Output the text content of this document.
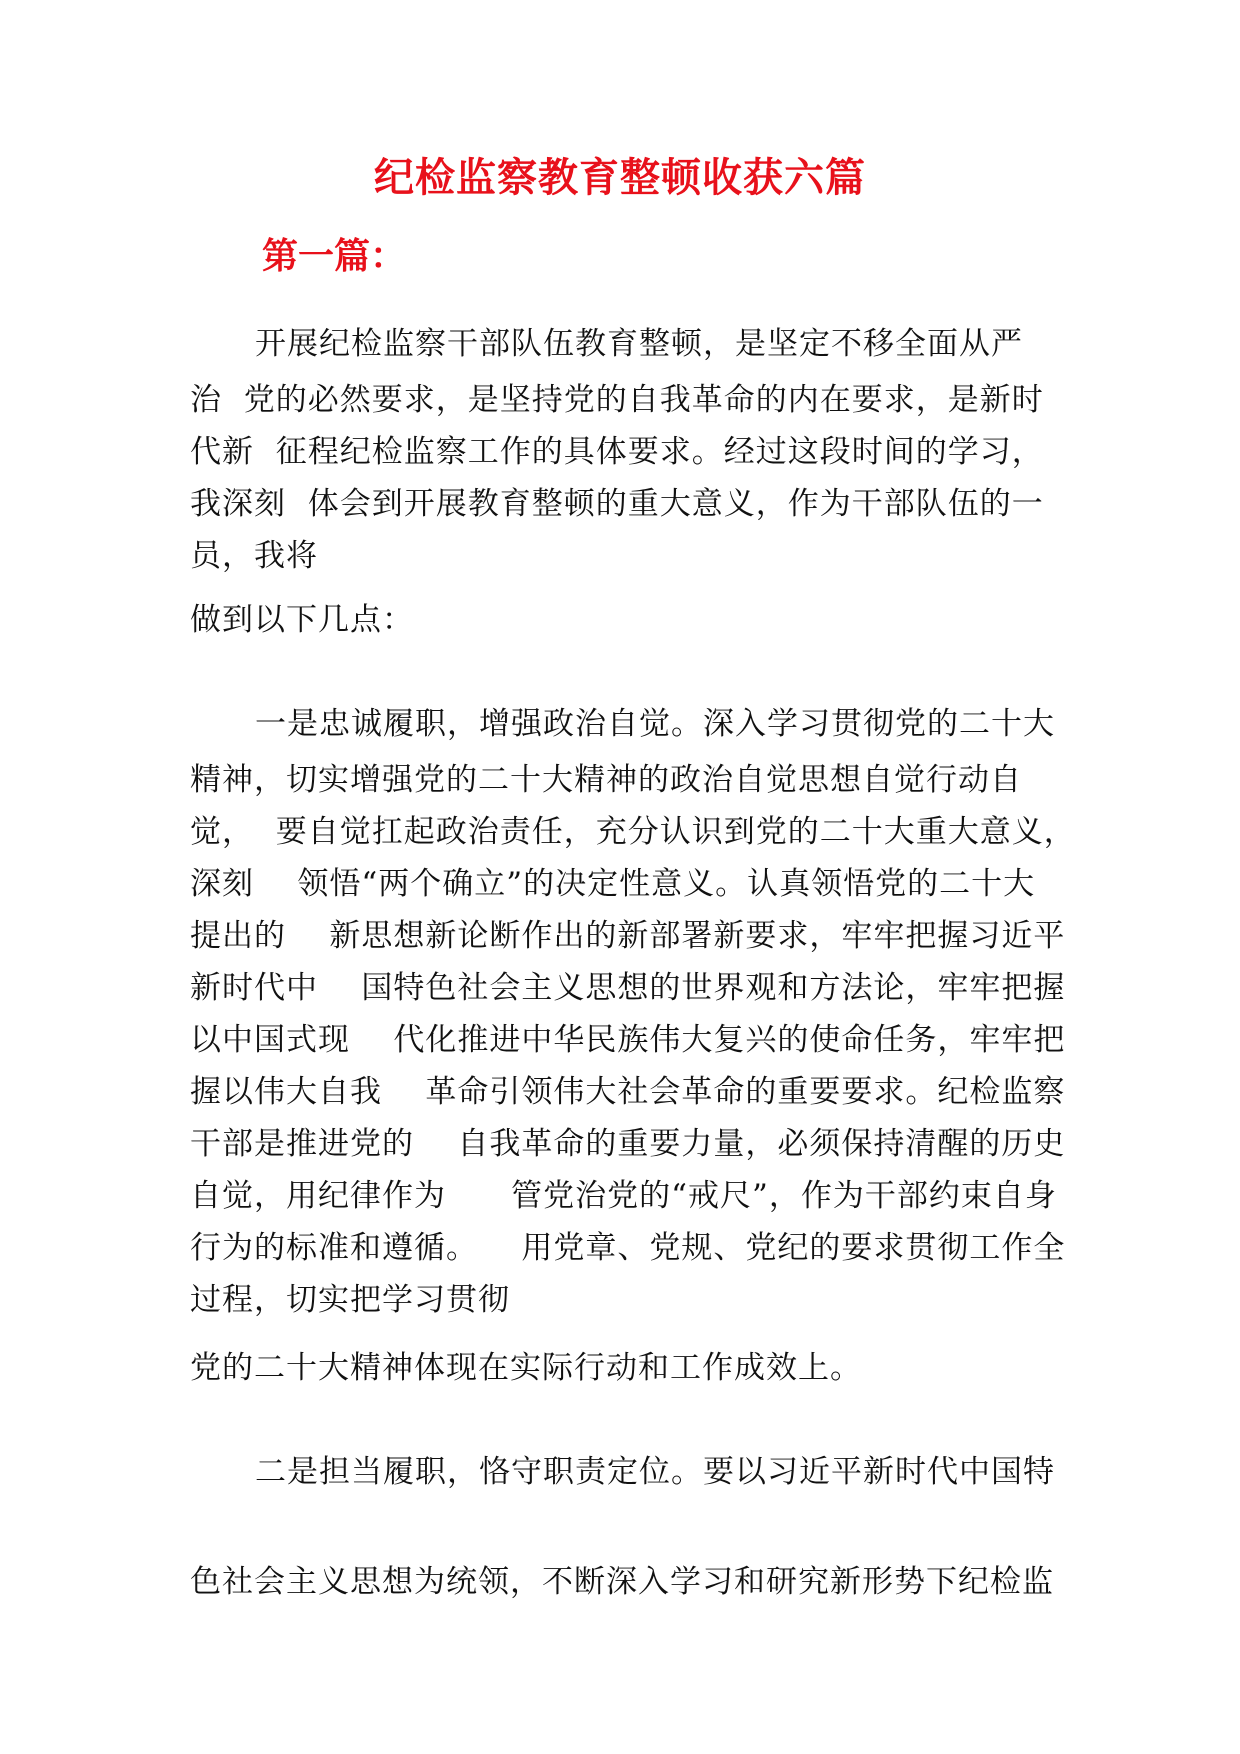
纪检监察教育整顿收获六篇
第一篇：
开展纪检监察干部队伍教育整顿，是坚定不移全面从严
治  党的必然要求，是坚持党的自我革命的内在要求，是新时
代新  征程纪检监察工作的具体要求。经过这段时间的学习，
我深刻  体会到开展教育整顿的重大意义，作为干部队伍的一
员，我将
做到以下几点：
一是忠诚履职，增强政治自觉。深入学习贯彻党的二十大
精神，切实增强党的二十大精神的政治自觉思想自觉行动自
觉，  要自觉扛起政治责任，充分认识到党的二十大重大意义，
深刻    领悟“两个确立”的决定性意义。认真领悟党的二十大
提出的    新思想新论断作出的新部署新要求，牢牢把握习近平
新时代中    国特色社会主义思想的世界观和方法论，牢牢把握
以中国式现    代化推进中华民族伟大复兴的使命任务，牢牢把
握以伟大自我    革命引领伟大社会革命的重要要求。纪检监察
干部是推进党的    自我革命的重要力量，必须保持清醒的历史
自觉，用纪律作为      管党治党的“戒尺”，作为干部约束自身
行为的标准和遵循。    用党章、党规、党纪的要求贯彻工作全
过程，切实把学习贯彻
党的二十大精神体现在实际行动和工作成效上。
二是担当履职，恪守职责定位。要以习近平新时代中国特
色社会主义思想为统领，不断深入学习和研究新形势下纪检监
